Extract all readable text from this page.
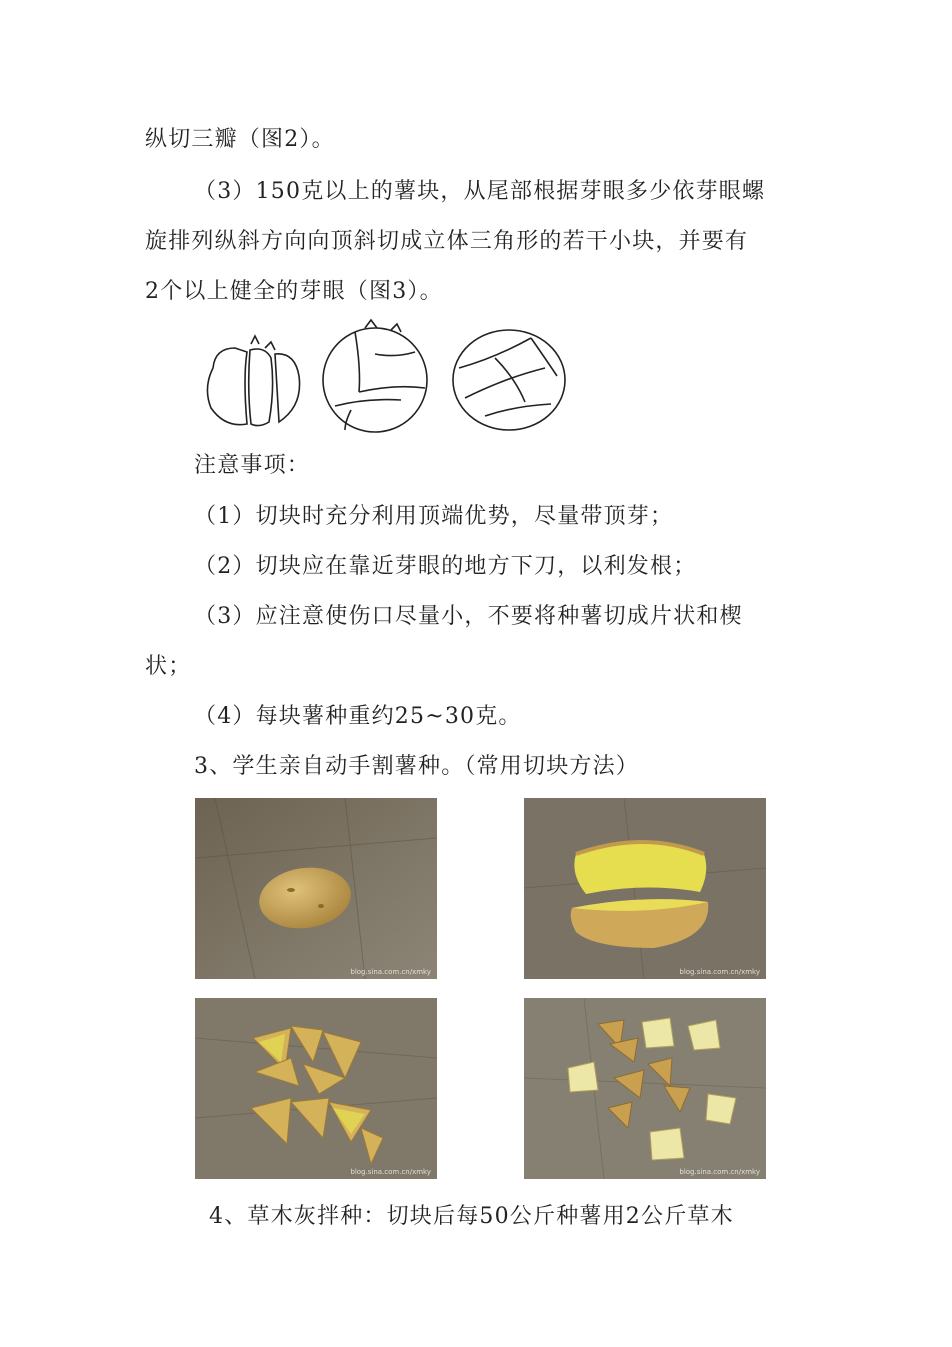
纵切三瓣（图2）。
（3）150克以上的薯块，从尾部根据芽眼多少依芽眼螺
旋排列纵斜方向向顶斜切成立体三角形的若干小块，并要有
2个以上健全的芽眼（图3）。
注意事项：
（1）切块时充分利用顶端优势，尽量带顶芽；
（2）切块应在靠近芽眼的地方下刀，以利发根；
（3）应注意使伤口尽量小，不要将种薯切成片状和楔
状；
（4）每块薯种重约25~30克。
3、学生亲自动手割薯种。（常用切块方法）
blog.sina.com.cn/xmky	blog.sina.com.cn/xmky
blog.sina.com.cn/xmky	blog.sina.com.cn/xmky
4、草木灰拌种：切块后每50公斤种薯用2公斤草木
